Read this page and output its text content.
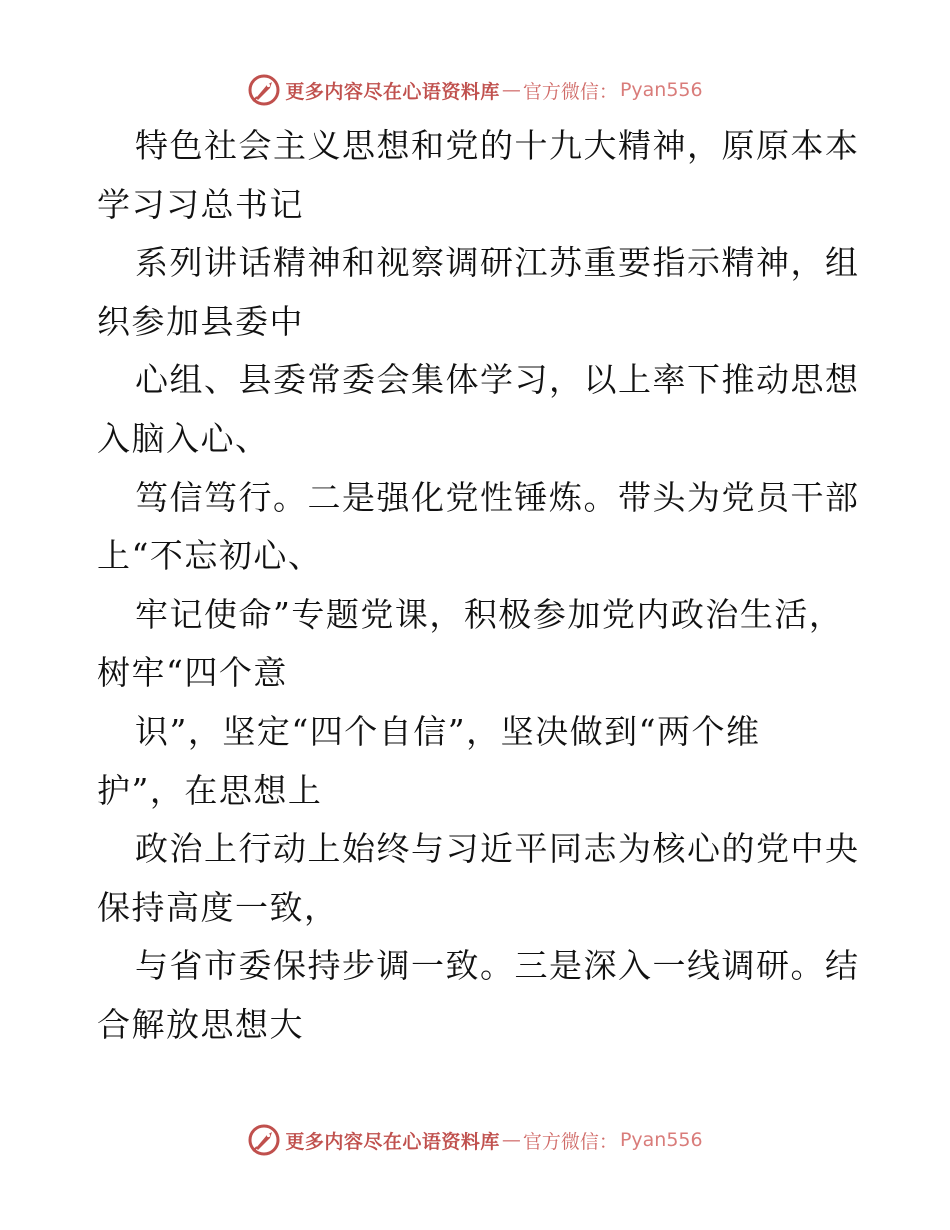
更多内容尽在心语资料库 — 官方微信： Pyan556
特色社会主义思想和党的十九大精神，原原本本
学习习总书记
系列讲话精神和视察调研江苏重要指示精神，组
织参加县委中
心组、县委常委会集体学习，以上率下推动思想
入脑入心、
笃信笃行。二是强化党性锤炼。带头为党员干部
上“不忘初心、
牢记使命”专题党课，积极参加党内政治生活，
树牢“四个意
识”，坚定“四个自信”，坚决做到“两个维
护”，在思想上
政治上行动上始终与习近平同志为核心的党中央
保持高度一致，
与省市委保持步调一致。三是深入一线调研。结
合解放思想大
更多内容尽在心语资料库 — 官方微信： Pyan556
